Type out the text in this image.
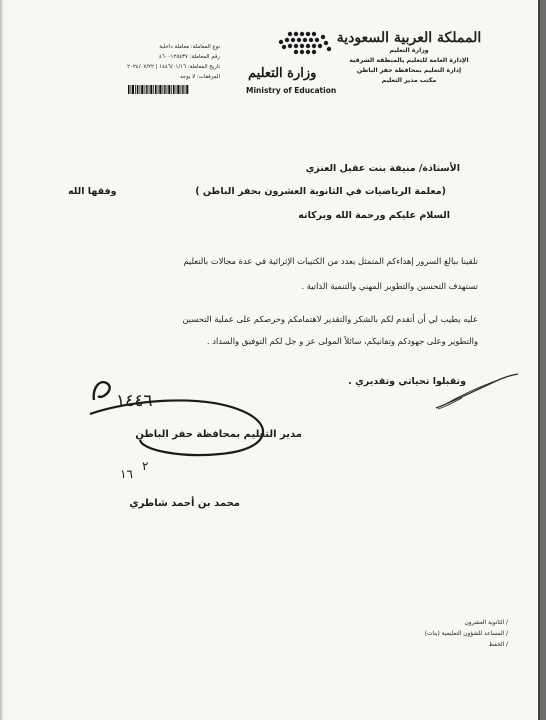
المملكة العربية السعودية
وزارة التعليم
الإدارة العامة للتعليم بالمنطقة الشرقية
إدارة التعليم بمحافظة حفر الباطن
مكتب مدير التعليم
وزارة التعليم
Ministry of Education
نوع المعاملة: معاملة داخلية
رقم المعاملة: ٤٦٠٠١٢٥٤٣٧
تاريخ المعاملة: ١٤٤٦/٠١/١٦ | ٢٠٢٤/٠٧/٢٢
المرفقات: لا يوجد
الأستاذة/ منيفة بنت عقيل العنزي
(معلمة الرياضيات في الثانوية العشرون بحفر الباطن )
وفقها الله
السلام عليكم ورحمة الله وبركاته
تلقينا ببالغ السرور إهداءكم المتمثل بعدد من الكتيبات الإثرائية في عدة مجالات بالتعليم
تستهدف التحسين والتطوير المهني والتنمية الذاتية .
عليه يطيب لي أن أتقدم لكم بالشكر والتقدير لاهتمامكم وحرصكم على عملية التحسين
والتطوير وعلى جهودكم وتفانيكم، سائلاً المولى عز و جل لكم التوفيق والسداد .
وتقبلوا تحياتي وتقديري .
١٤٤٦
٢
١٦
مدير التعليم بمحافظة حفر الباطن
محمد بن أحمد شاطري
/ الثانوية العشرون
/ المساعد للشؤون التعليمية (بنات)
/ الحفظ
